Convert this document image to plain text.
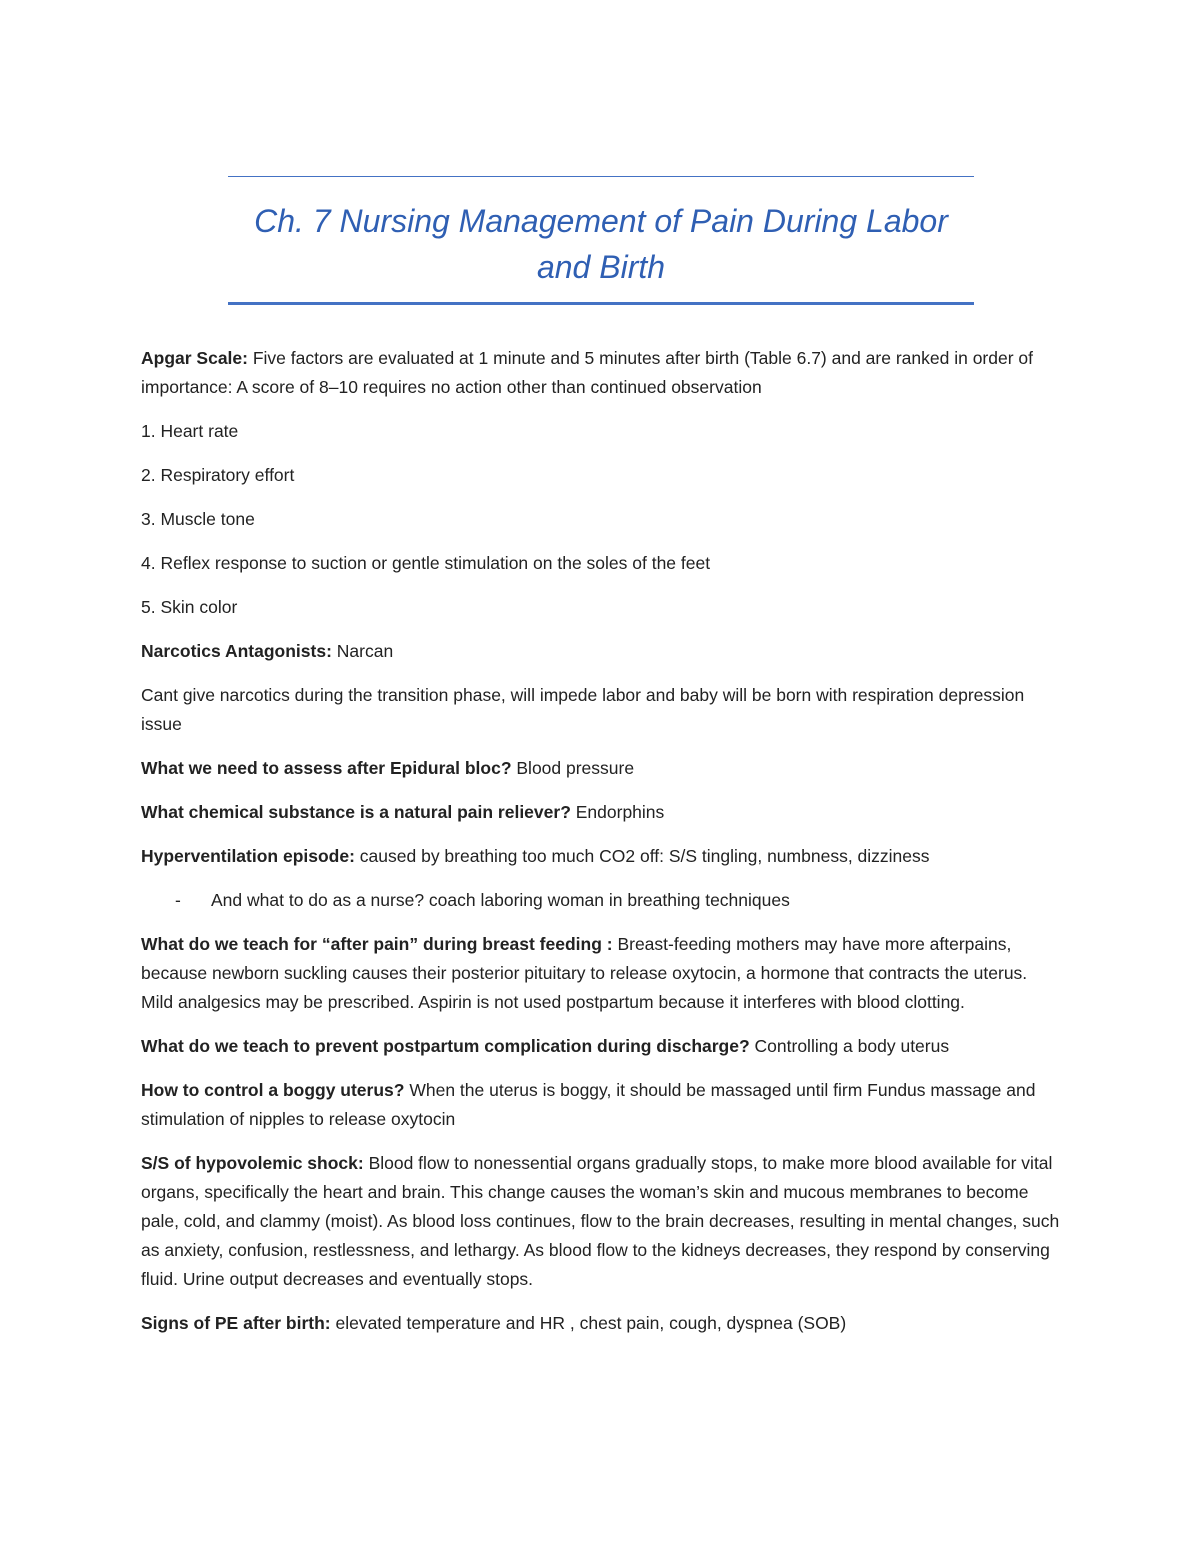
Ch. 7 Nursing Management of Pain During Labor and Birth

Apgar Scale: Five factors are evaluated at 1 minute and 5 minutes after birth (Table 6.7) and are ranked in order of importance: A score of 8–10 requires no action other than continued observation

1. Heart rate

2. Respiratory effort

3. Muscle tone

4. Reflex response to suction or gentle stimulation on the soles of the feet

5. Skin color

Narcotics Antagonists: Narcan

Cant give narcotics during the transition phase, will impede labor and baby will be born with respiration depression issue

What we need to assess after Epidural bloc? Blood pressure

What chemical substance is a natural pain reliever? Endorphins

Hyperventilation episode: caused by breathing too much CO2 off: S/S tingling, numbness, dizziness

- And what to do as a nurse? coach laboring woman in breathing techniques

What do we teach for “after pain” during breast feeding : Breast-feeding mothers may have more afterpains, because newborn suckling causes their posterior pituitary to release oxytocin, a hormone that contracts the uterus. Mild analgesics may be prescribed. Aspirin is not used postpartum because it interferes with blood clotting.

What do we teach to prevent postpartum complication during discharge? Controlling a body uterus

How to control a boggy uterus? When the uterus is boggy, it should be massaged until firm Fundus massage and stimulation of nipples to release oxytocin

S/S of hypovolemic shock: Blood flow to nonessential organs gradually stops, to make more blood available for vital organs, specifically the heart and brain. This change causes the woman’s skin and mucous membranes to become pale, cold, and clammy (moist). As blood loss continues, flow to the brain decreases, resulting in mental changes, such as anxiety, confusion, restlessness, and lethargy. As blood flow to the kidneys decreases, they respond by conserving fluid. Urine output decreases and eventually stops.

Signs of PE after birth: elevated temperature and HR , chest pain, cough, dyspnea (SOB)
